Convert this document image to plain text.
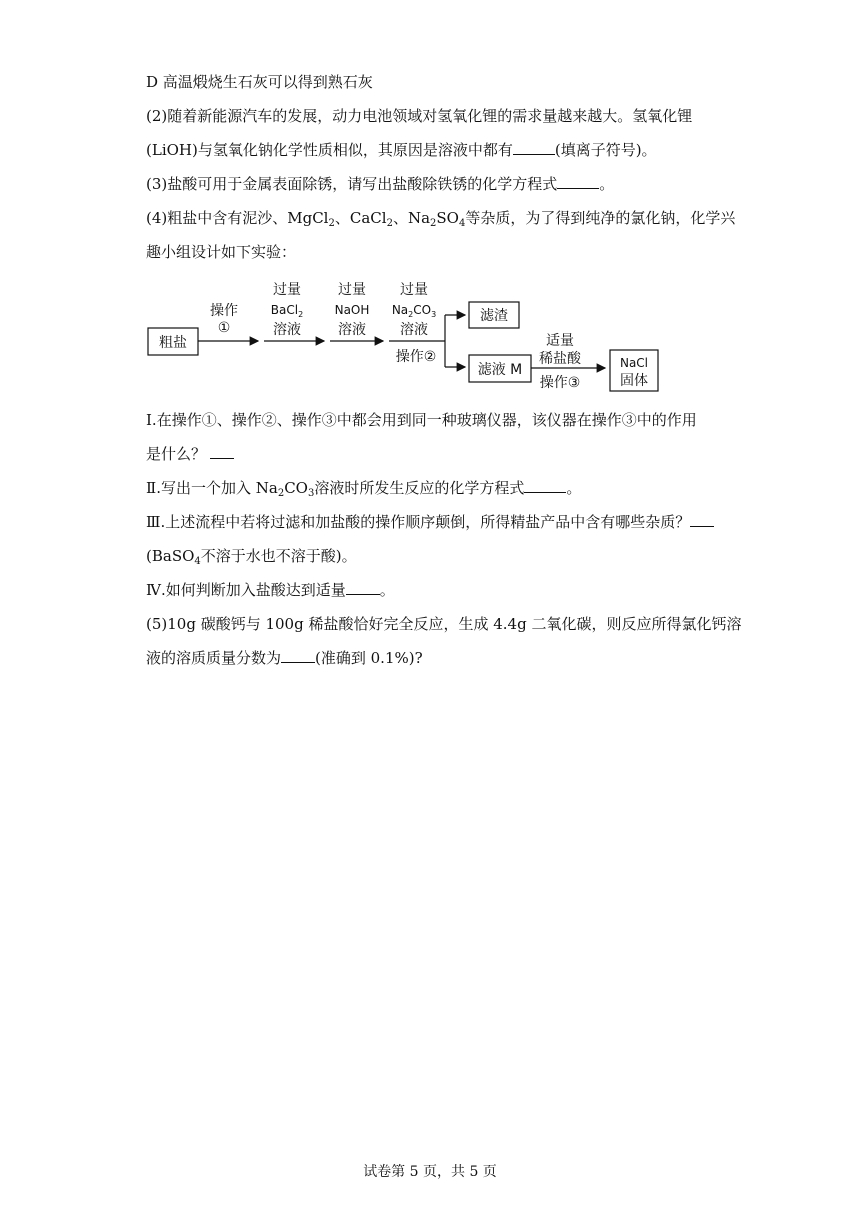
D 高温煅烧生石灰可以得到熟石灰
(2)随着新能源汽车的发展，动力电池领域对氢氧化锂的需求量越来越大。氢氧化锂
(LiOH)与氢氧化钠化学性质相似，其原因是溶液中都有	(填离子符号)。
(3)盐酸可用于金属表面除锈，请写出盐酸除铁锈的化学方程式	。
(4)粗盐中含有泥沙、MgCl$_2$、CaCl$_2$、$Na_2SO_4$等杂质，为了得到纯净的氯化钠，化学兴
趣小组设计如下实验：
粗盐
操作
①
过量
BaCl$_2$
溶液
过量
NaOH
溶液
过量
$Na_2CO_3$
溶液
操作②
滤渣
滤液 M
适量
稀盐酸
操作③
NaCl
固体
Ⅰ.在操作①、操作②、操作③中都会用到同一种玻璃仪器，该仪器在操作③中的作用
是什么？
Ⅱ.写出一个加入 $Na_2CO_3$溶液时所发生反应的化学方程式	。
Ⅲ.上述流程中若将过滤和加盐酸的操作顺序颠倒，所得精盐产品中含有哪些杂质？
(BaSO$_4$不溶于水也不溶于酸)。
Ⅳ.如何判断加入盐酸达到适量 。
(5)10g 碳酸钙与 100g 稀盐酸恰好完全反应，生成 4.4g 二氧化碳，则反应所得氯化钙溶
液的溶质质量分数为 (准确到 0.1%)?
试卷第 5 页，共 5 页
